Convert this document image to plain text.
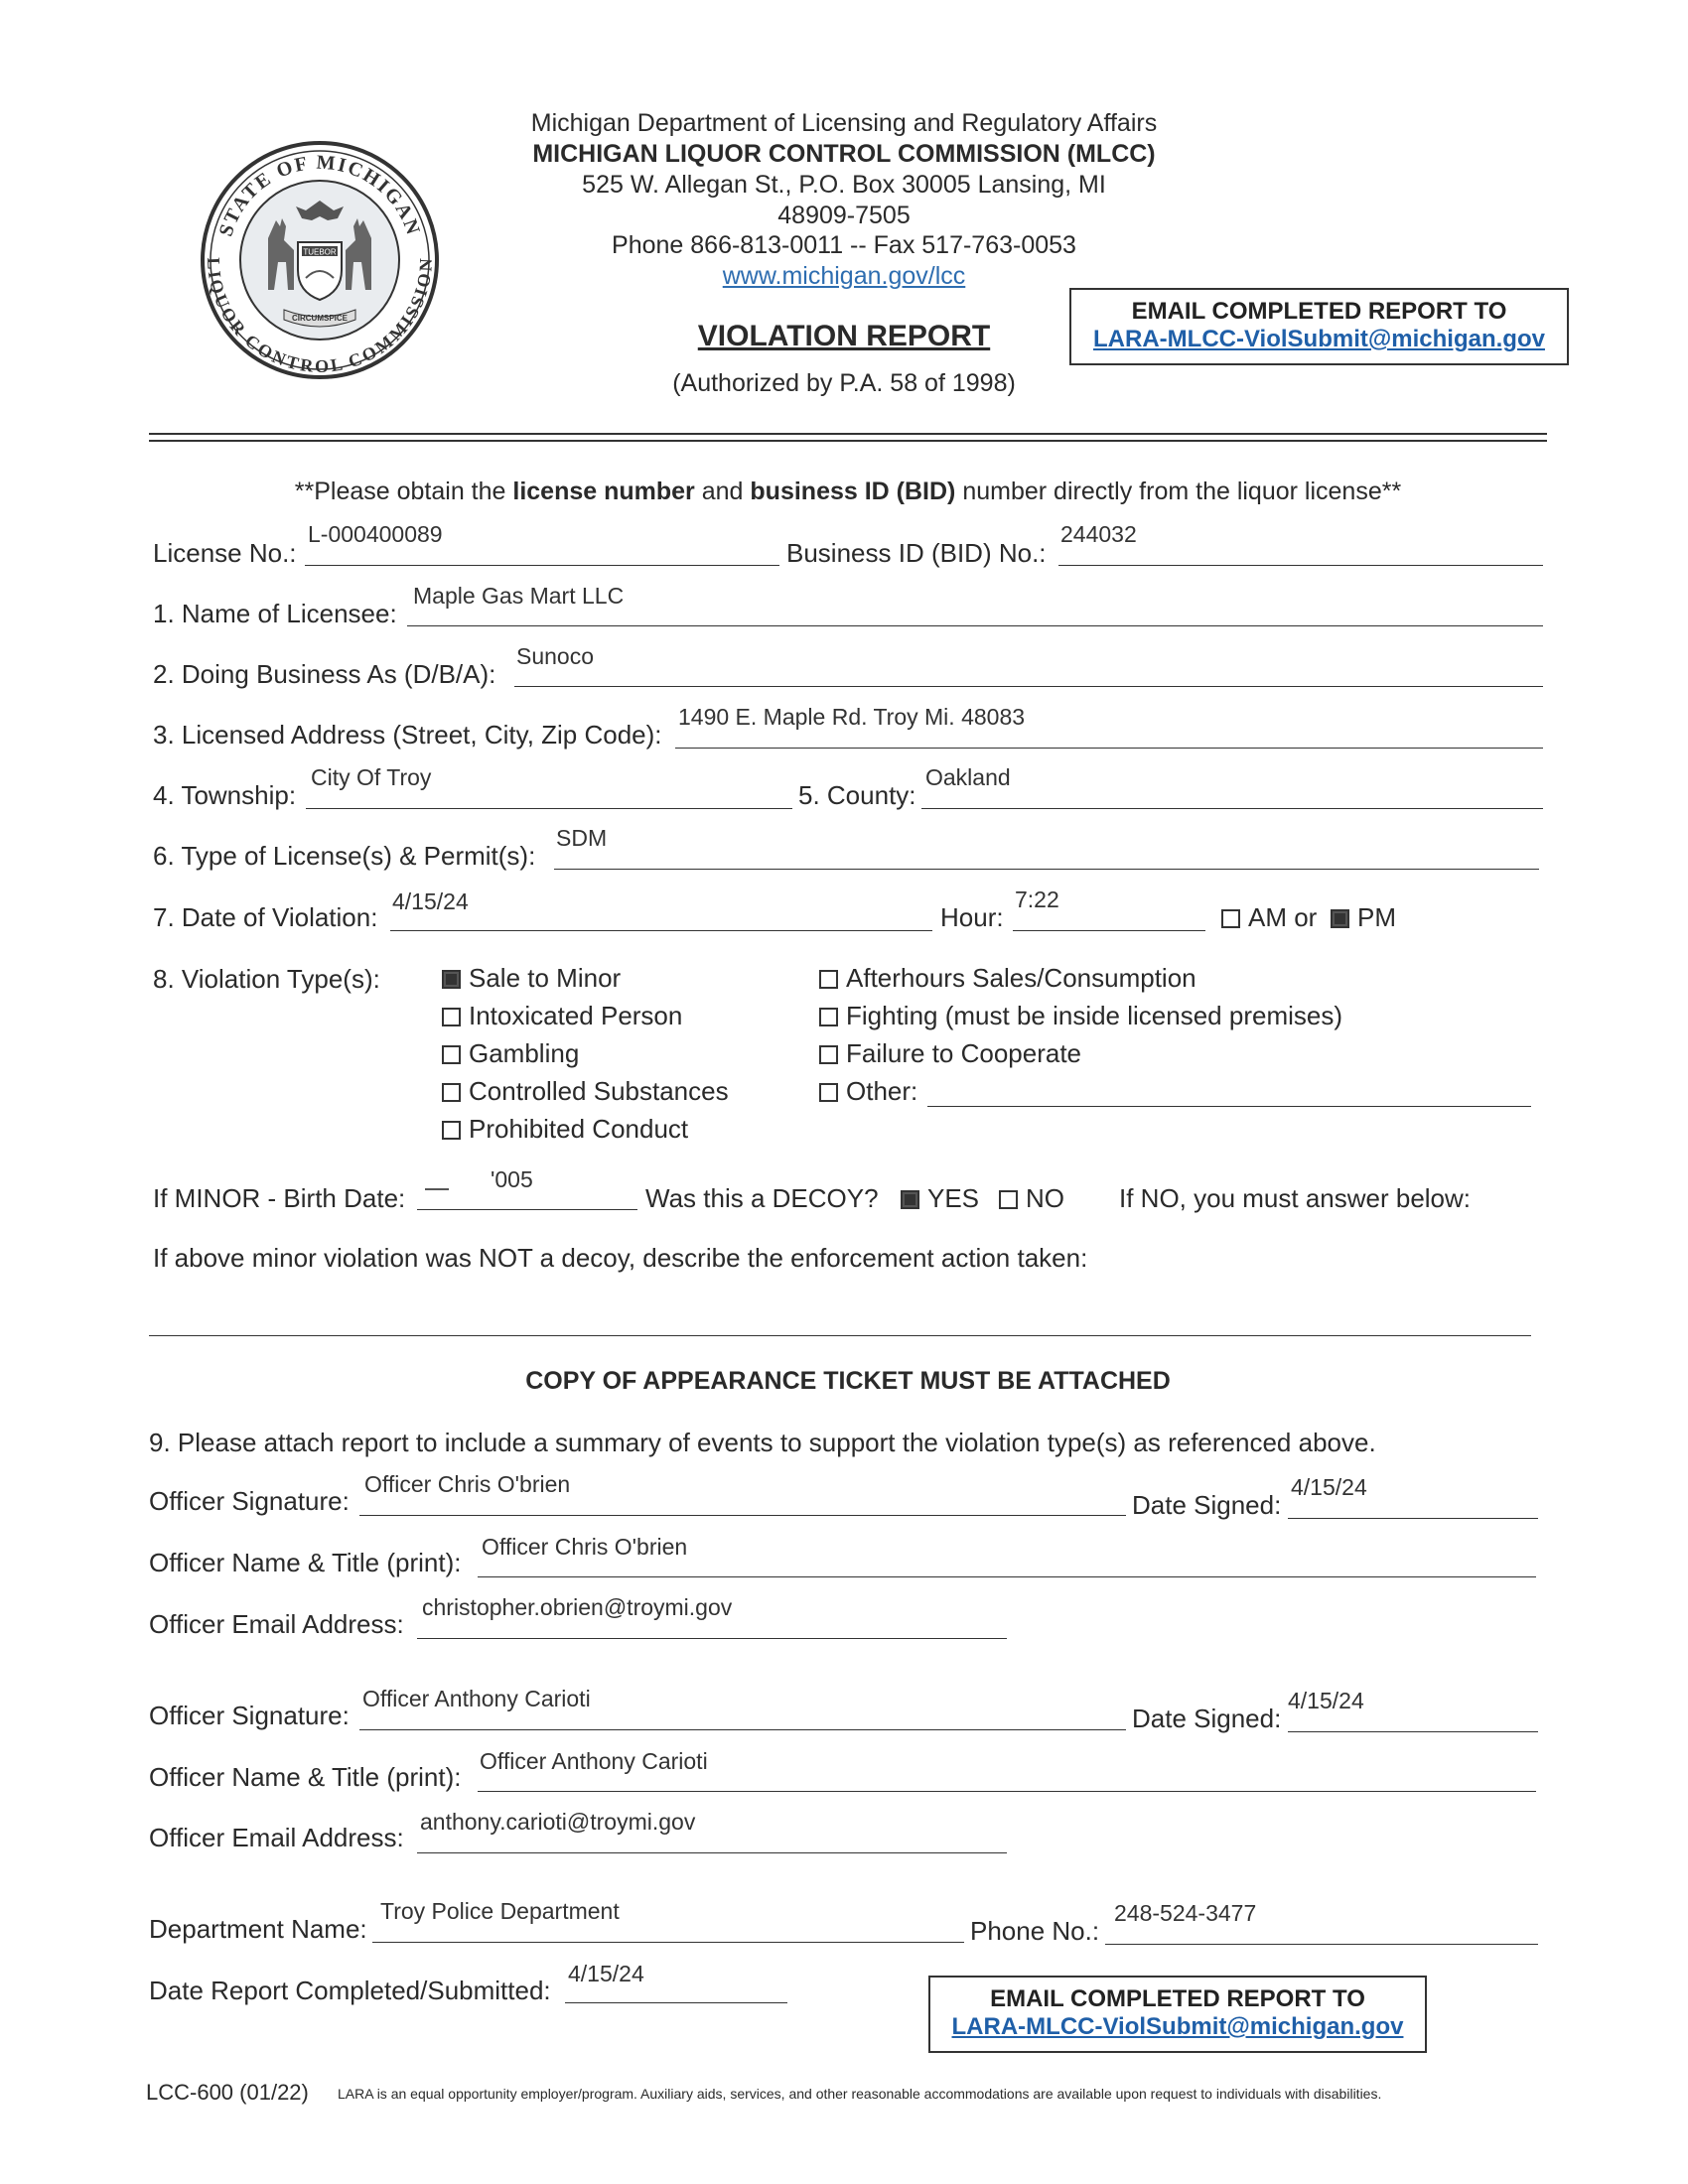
STATE OF MICHIGAN
LIQUOR CONTROL COMMISSION
TUEBOR
CIRCUMSPICE
Michigan Department of Licensing and Regulatory Affairs
MICHIGAN LIQUOR CONTROL COMMISSION (MLCC)
525 W. Allegan St., P.O. Box 30005 Lansing, MI
48909-7505
Phone 866-813-0011 -- Fax 517-763-0053
www.michigan.gov/lcc
VIOLATION REPORT
(Authorized by P.A. 58 of 1998)
EMAIL COMPLETED REPORT TO
LARA-MLCC-ViolSubmit@michigan.gov
**Please obtain the license number and business ID (BID) number directly from the liquor license**
License No.:
L-000400089
Business ID (BID) No.:
244032
1. Name of Licensee:
Maple Gas Mart LLC
2. Doing Business As (D/B/A):
Sunoco
3. Licensed Address (Street, City, Zip Code):
1490 E. Maple Rd. Troy Mi. 48083
4. Township:
City Of Troy
5. County:
Oakland
6. Type of License(s) & Permit(s):
SDM
7. Date of Violation:
4/15/24
Hour:
7:22
AM or PM
8. Violation Type(s):	Sale to Minor
Intoxicated Person
Gambling
Controlled Substances
Prohibited Conduct
Afterhours Sales/Consumption
Fighting (must be inside licensed premises)
Failure to Cooperate
Other:
If MINOR - Birth Date:
'005
Was this a DECOY? YES NO If NO, you must answer below:
If above minor violation was NOT a decoy, describe the enforcement action taken:
COPY OF APPEARANCE TICKET MUST BE ATTACHED
9. Please attach report to include a summary of events to support the violation type(s) as referenced above.
Officer Signature:
Officer Chris O'brien
Date Signed:
4/15/24
Officer Name & Title (print):
Officer Chris O'brien
Officer Email Address:
christopher.obrien@troymi.gov
Officer Signature:
Officer Anthony Carioti
Date Signed:
4/15/24
Officer Name & Title (print):
Officer Anthony Carioti
Officer Email Address:
anthony.carioti@troymi.gov
Department Name:
Troy Police Department
Phone No.:
248-524-3477
Date Report Completed/Submitted:
4/15/24
EMAIL COMPLETED REPORT TO
LARA-MLCC-ViolSubmit@michigan.gov
LCC-600 (01/22) LARA is an equal opportunity employer/program. Auxiliary aids, services, and other reasonable accommodations are available upon request to individuals with disabilities.
